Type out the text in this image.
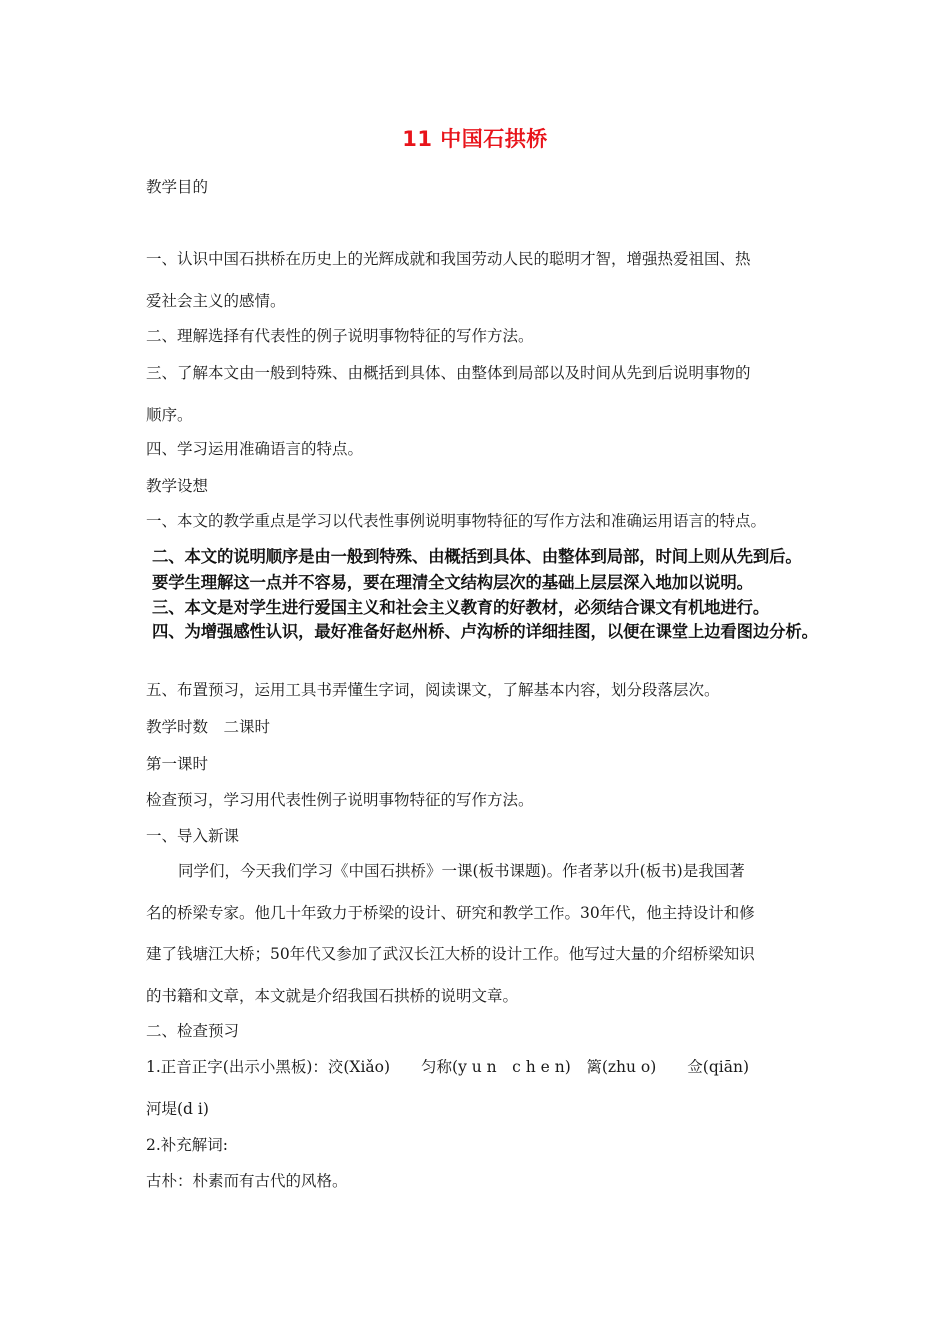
11 中国石拱桥
教学目的
一、认识中国石拱桥在历史上的光辉成就和我国劳动人民的聪明才智，增强热爱祖国、热
爱社会主义的感情。
二、理解选择有代表性的例子说明事物特征的写作方法。
三、了解本文由一般到特殊、由概括到具体、由整体到局部以及时间从先到后说明事物的
顺序。
四、学习运用准确语言的特点。
教学设想
一、本文的教学重点是学习以代表性事例说明事物特征的写作方法和准确运用语言的特点。
二、本文的说明顺序是由一般到特殊、由概括到具体、由整体到局部，时间上则从先到后。
要学生理解这一点并不容易，要在理清全文结构层次的基础上层层深入地加以说明。
三、本文是对学生进行爱国主义和社会主义教育的好教材，必须结合课文有机地进行。
四、为增强感性认识，最好准备好赵州桥、卢沟桥的详细挂图，以便在课堂上边看图边分析。
五、布置预习，运用工具书弄懂生字词，阅读课文，了解基本内容，划分段落层次。
教学时数　二课时
第一课时
检查预习，学习用代表性例子说明事物特征的写作方法。
一、导入新课
同学们，今天我们学习《中国石拱桥》一课(板书课题)。作者茅以升(板书)是我国著
名的桥梁专家。他几十年致力于桥梁的设计、研究和教学工作。30年代，他主持设计和修
建了钱塘江大桥；50年代又参加了武汉长江大桥的设计工作。他写过大量的介绍桥梁知识
的书籍和文章，本文就是介绍我国石拱桥的说明文章。
二、检查预习
1.正音正字(出示小黑板)：洨(Xiǎo)　　匀称(y u n　c h e n)　篱(zhu o)　　佥(qiān)
河堤(d i)
2.补充解词:
古朴：朴素而有古代的风格。
